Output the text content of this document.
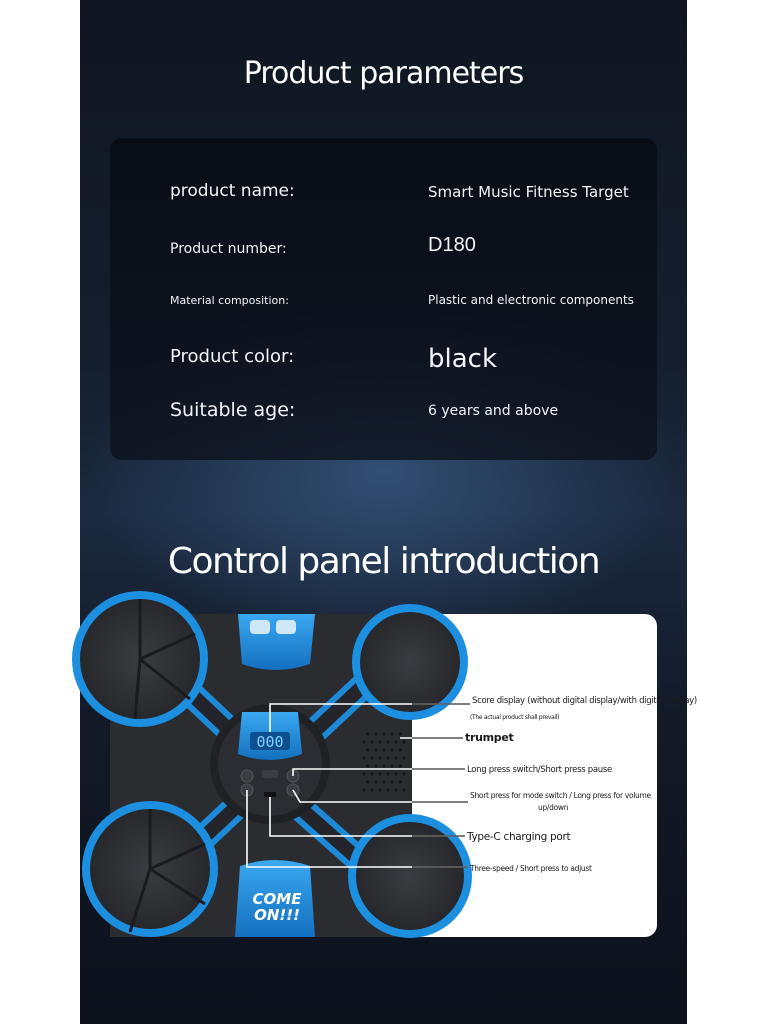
Product parameters
product name:	Smart Music Fitness Target
Product number:	D180
Material composition:	Plastic and electronic components
Product color:	black
Suitable age:	6 years and above
Control panel introduction
000
COME
ON!!!
Score display (without digital display/with digital display)
(The actual product shall prevail)
trumpet
Long press switch/Short press pause
Short press for mode switch / Long press for volume
up/down
Type-C charging port
Three-speed / Short press to adjust
